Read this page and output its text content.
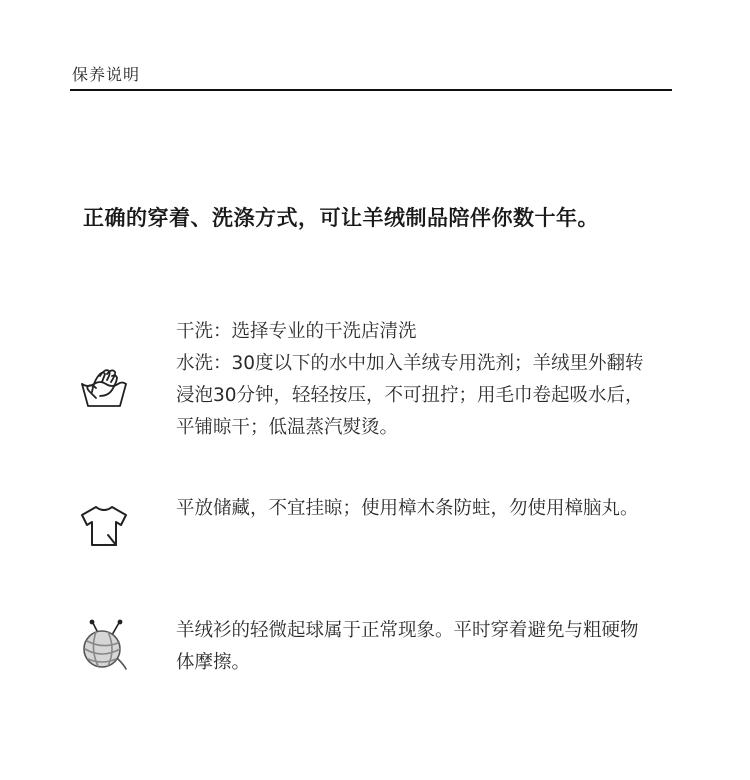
保养说明
正确的穿着、洗涤方式，可让羊绒制品陪伴你数十年。

干洗：选择专业的干洗店清洗

水洗：30度以下的水中加入羊绒专用洗剂；羊绒里外翻转浸泡30分钟，轻轻按压，不可扭拧；用毛巾卷起吸水后，平铺晾干；低温蒸汽熨烫。

平放储藏，不宜挂晾；使用樟木条防蛀，勿使用樟脑丸。

羊绒衫的轻微起球属于正常现象。平时穿着避免与粗硬物体摩擦。
